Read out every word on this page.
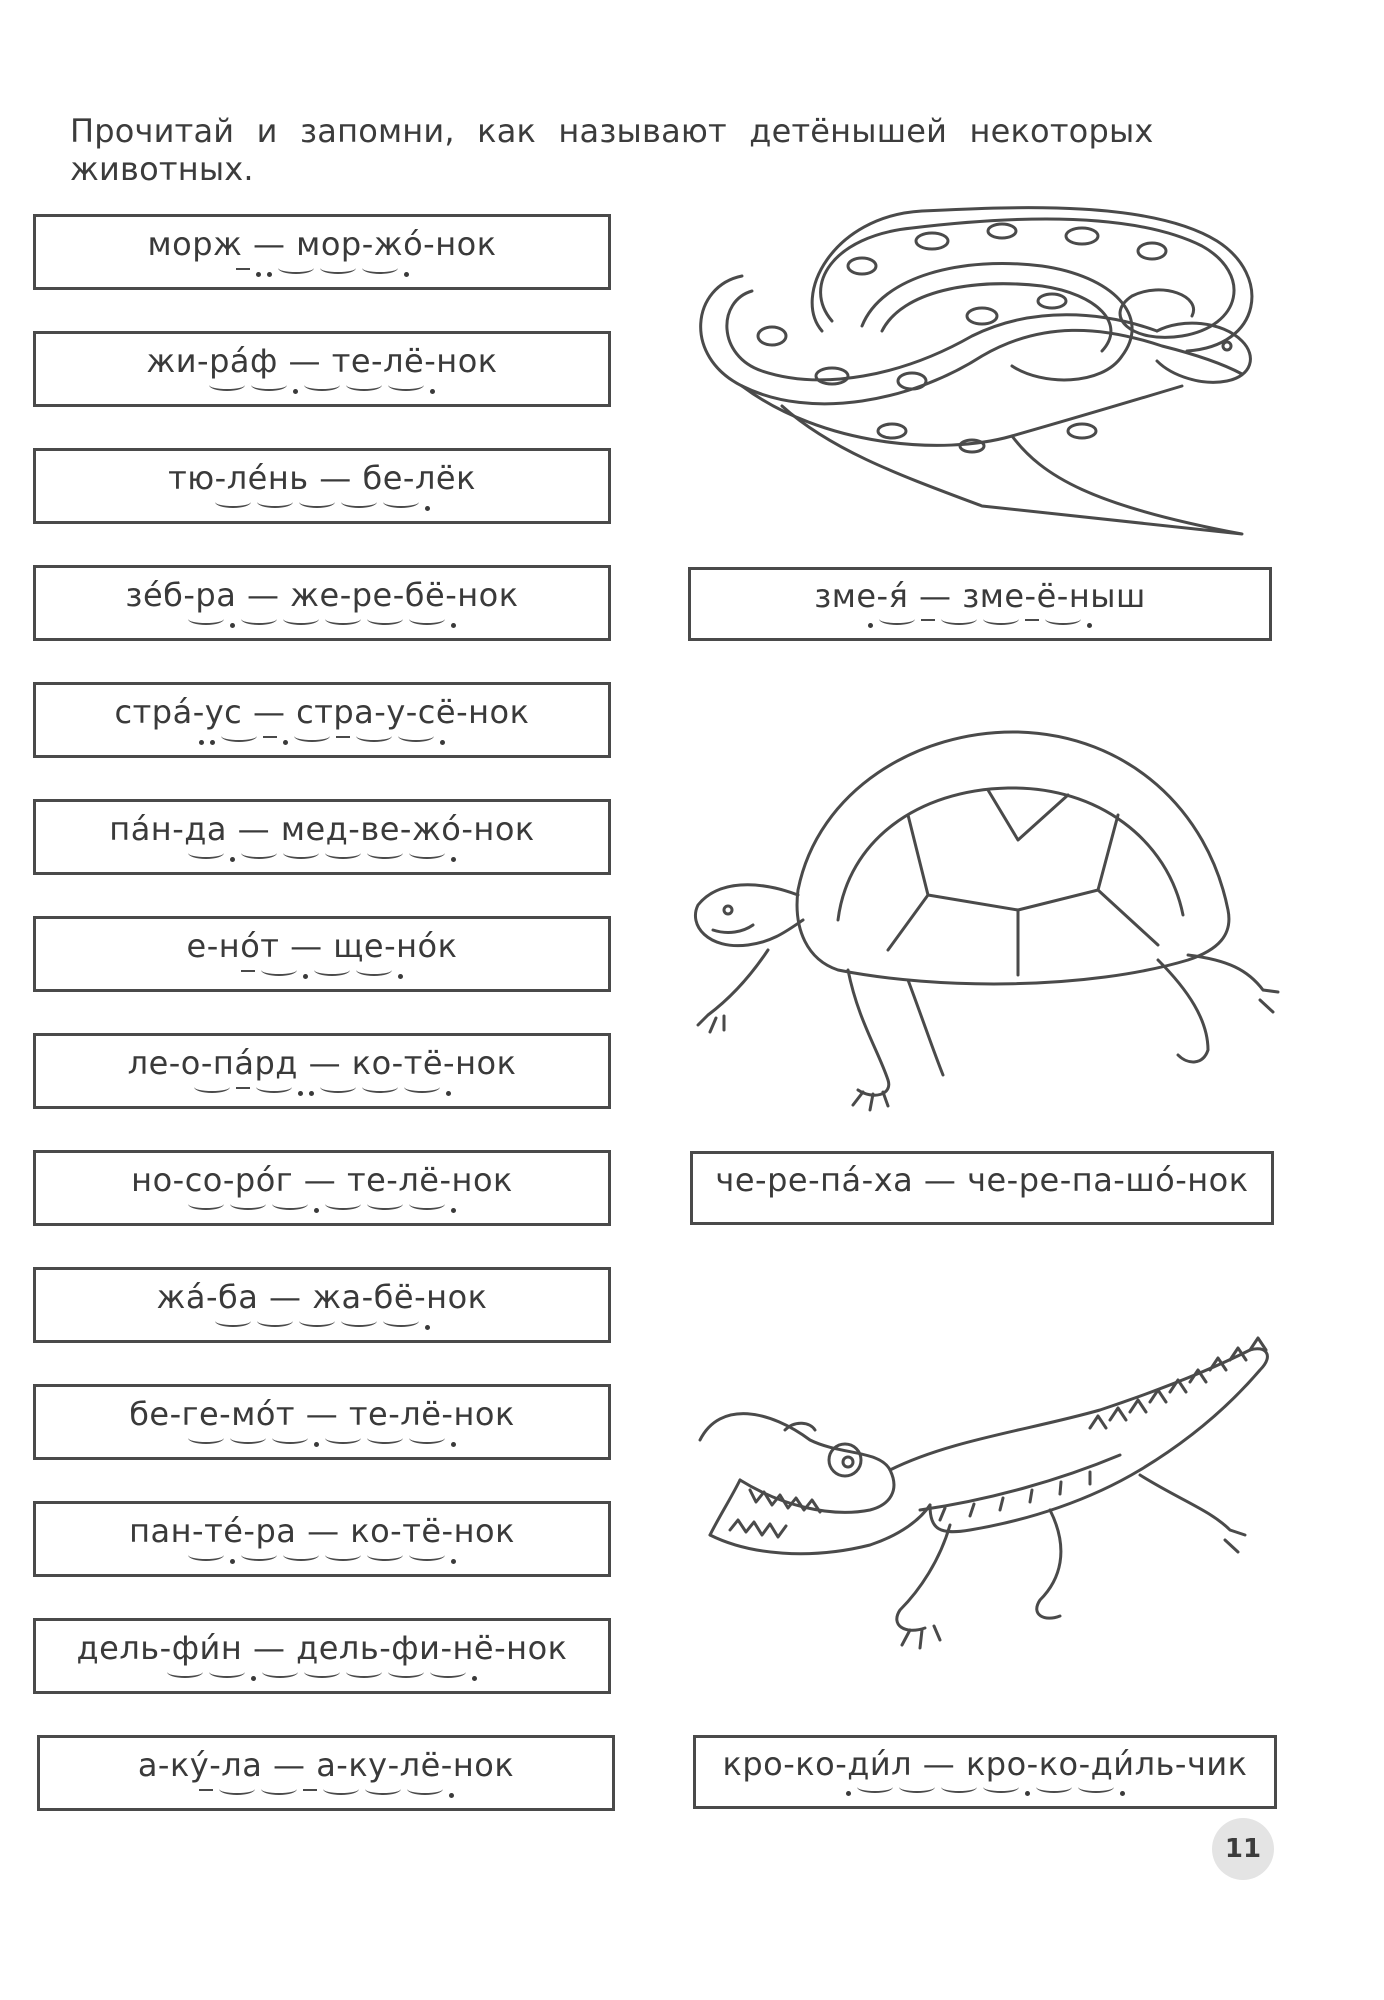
Прочитай и запомни, как называют детёнышей некоторых животных.
морж — мор-жо́-нок
жи-ра́ф — те-лё-нок
тю-ле́нь — бе-лёк
зе́б-ра — же-ре-бё-нок
стра́-ус — стра-у-сё-нок
па́н-да — мед-ве-жо́-нок
е-но́т — ще-но́к
ле-о-па́рд — ко-тё-нок
но-со-ро́г — те-лё-нок
жа́-ба — жа-бё-нок
бе-ге-мо́т — те-лё-нок
пан-те́-ра — ко-тё-нок
дель-фи́н — дель-фи-нё-нок
а-ку́-ла — а-ку-лё-нок
зме-я́ — зме-ё-ныш
че-ре-па́-ха — че-ре-па-шо́-нок
кро-ко-ди́л — кро-ко-ди́ль-чик
11
